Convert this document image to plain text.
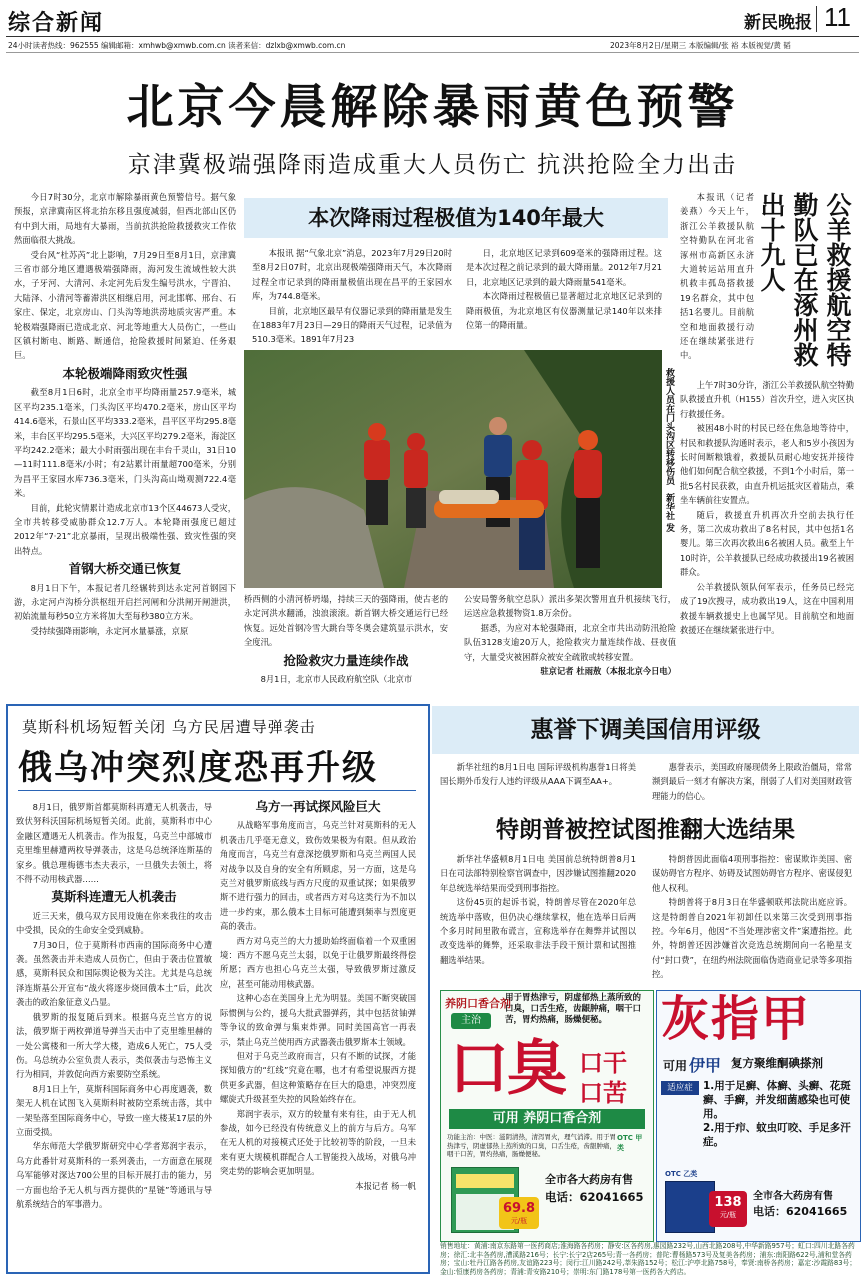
综合新闻	新民晚报 11
24小时读者热线：962555 编辑邮箱：xmhwb@xmwb.com.cn 读者来信：dzlxb@xmwb.com.cn	2023年8月2日/星期三 本版编辑/张 裕 本版视觉/黄 韬
北京今晨解除暴雨黄色预警
京津冀极端强降雨造成重大人员伤亡 抗洪抢险全力出击

今日7时30分，北京市解除暴雨黄色预警信号。据气象预报，京津冀南区将北抬东移且强度减弱，但西北部山区仍有中到大雨，局地有大暴雨，当前抗洪抢险救援救灾工作依然面临很大挑战。

受台风“杜苏芮”北上影响，7月29日至8月1日，京津冀三省市部分地区遭遇极端强降雨，海河发生流域性较大洪水，子牙河、大清河、永定河先后发生编号洪水，宁晋泊、大陆泽、小清河等蓄滞洪区相继启用，河北邯郸、邢台、石家庄、保定，北京房山、门头沟等地洪涝地质灾害严重。本轮极端强降雨已造成北京、河北等地重大人员伤亡，一些山区镇村断电、断路、断通信，抢险救援时间紧迫、任务艰巨。

本轮极端降雨致灾性强

截至8月1日6时，北京全市平均降雨量257.9毫米，城区平均235.1毫米，门头沟区平均470.2毫米，房山区平均414.6毫米，石景山区平均333.2毫米，昌平区平均295.8毫米，丰台区平均295.5毫米，大兴区平均279.2毫米，海淀区平均242.2毫米；最大小时雨强出现在丰台千灵山，31日10—11时111.8毫米/小时；有2站累计雨量超700毫米，分别为昌平王家园水库736.3毫米，门头沟高山坳观测722.4毫米。

目前，此轮灾情累计造成北京市13个区44673人受灾，全市共转移受威胁群众12.7万人。本轮降雨强度已超过2012年“7·21”北京暴雨，呈现出极端性强、致灾性强的突出特点。

首钢大桥交通已恢复

8月1日下午，本报记者几经辗转到达永定河首钢园下游，永定河卢沟桥分洪枢纽开启拦河闸和分洪闸开闸泄洪，初始流量每秒50立方米将加大至每秒380立方米。

受持续强降雨影响，永定河水量暴涨，京原

本次降雨过程极值为140年最大

本报讯 据“气象北京”消息，2023年7月29日20时至8月2日07时，北京出现极端强降雨天气，本次降雨过程全市记录到的降雨量极值出现在昌平的王家园水库，为744.8毫米。

目前，北京地区最早有仪器记录到的降雨量是发生在1883年7月23日—29日的降雨天气过程，记录值为510.3毫米。1891年7月23

日，北京地区记录到609毫米的强降雨过程。这是本次过程之前记录到的最大降雨量。2012年7月21日，北京地区记录到的最大降雨量541毫米。

本次降雨过程极值已显著超过北京地区记录到的降雨极值，为北京地区有仪器测量记录140年以来排位第一的降雨量。

救援人员在门头沟区转移伤员
新华社 发

桥西侧的小清河桥坍塌，持续三天的强降雨，使古老的永定河洪水翻涌，浊浪滚滚。新首钢大桥交通运行已经恢复。远处首钢冷雪大跳台等冬奥会建筑显示洪水，安全度汛。

抢险救灾力量连续作战

8月1日，北京市人民政府航空队（北京市

公安局警务航空总队）派出多架次警用直升机接续飞行，运送应急救援物资1.8万余份。

据悉，为应对本轮强降雨，北京全市共出动防汛抢险队伍3128支逾20万人，抢险救灾力量连续作战、昼夜值守，大量受灾被困群众被安全疏散或转移安置。

驻京记者 杜雨敖（本报北京今日电）
公羊救援航空特勤队已在涿州救出十九人

本报讯（记者 姜燕）今天上午，浙江公羊救援队航空特勤队在河北省涿州市高新区永济大道转运站用直升机救丰孤岛搭救援19名群众，其中包括1名婴儿。目前航空和地面救援行动还在继续紧张进行中。

上午7时30分许，浙江公羊救援队航空特勤队救援直升机（H155）首次升空，进入灾区执行救援任务。

被困48小时的村民已经在焦急地等待中，村民和救援队沟通时表示，老人和5岁小孩因为长时间断粮饿着，救援队员耐心地安抚并接待他们如何配合航空救援，不到1个小时后，第一批5名村民获救，由直升机运抵灾区着陆点，乘坐车辆前往安置点。

随后，救援直升机再次升空前去执行任务，第二次成功救出了8名村民，其中包括1名婴儿。第三次再次救出6名被困人员。截至上午10时许，公羊救援队已经成功救援出19名被困群众。

公羊救援队领队何军表示，任务员已经完成了19次搜寻，成功救出19人，这在中国利用救援车辆救援史上也属罕见。目前航空和地面救援还在继续紧张进行中。

莫斯科机场短暂关闭 乌方民居遭导弹袭击
俄乌冲突烈度恐再升级

8月1日，俄罗斯首都莫斯科再遭无人机袭击，导致伏努科沃国际机场短暂关闭。此前，莫斯科市中心金融区遭遇无人机袭击。作为报复，乌克兰中部城市克里维里赫遭两枚导弹袭击，这是乌总统泽连斯基的家乡。俄总理梅德韦杰夫表示，一旦俄失去领土，将不得不动用核武器……

莫斯科连遭无人机袭击

近三天来，俄乌双方民用设施在你来我往的攻击中受损，民众的生命安全受到威胁。

7月30日，位于莫斯科市西南的国际商务中心遭袭。虽然袭击并未造成人员伤亡，但由于袭击位置敏感，莫斯科民众和国际舆论极为关注。尤其是乌总统泽连斯基公开宣布“战火将逐步烧回俄本土”后，此次袭击的政治象征意义凸显。

俄罗斯的报复随后到来。根据乌克兰官方的说法，俄罗斯于两枚弹道导弹当天击中了克里维里赫的一处公寓楼和一所大学大楼，造成6人死亡，75人受伤。乌总统办公室负责人表示，类似袭击与恐怖主义行为相同，并敦促向西方索要防空系统。

8月1日上午，莫斯科国际商务中心再度遇袭，数架无人机在试图飞入莫斯科时被防空系统击落，其中一架坠落至国际商务中心，导致一座大楼某17层的外立面受损。

华东师范大学俄罗斯研究中心学者郑润宇表示，乌方此番针对莫斯科的一系列袭击，一方面意在展现乌军能够对深达700公里的目标开展打击的能力，另一方面也给予无人机与西方提供的“星链”等通讯与导航系统结合的军事潜力。

乌方一再试探风险巨大

从战略军事角度而言，乌克兰针对莫斯科的无人机袭击几乎毫无意义，致伤效果极为有限。但从政治角度而言，乌克兰有意深挖俄罗斯和乌克兰两国人民对战争以及自身的安全有所顾虑，另一方面，这是乌克兰对俄罗斯底线与西方尺度的双重试探；如果俄罗斯不进行强力的回击，或者西方对乌这类行为不加以进一步约束，那么俄本土目标可能遭到频率与烈度更高的袭击。

西方对乌克兰的大力援助始终面临着一个双重困境：西方不愿乌克兰太弱，以免于让俄罗斯最终得偿所愿；西方也担心乌克兰太强，导致俄罗斯过激反应，甚至可能动用核武器。

这种心态在美国身上尤为明显。美国不断突破国际惯例与公约，援乌大批武器弹药，其中包括贫铀弹等争议的致命弹与集束炸弹。同时美国高官一再表示，禁止乌克兰使用西方武器袭击俄罗斯本土领域。

但对于乌克兰政府而言，只有不断的试探，才能探知俄方的“红线”究竟在哪，也才有希望说服西方提供更多武器，但这种策略存在巨大的隐患，冲突烈度螺旋式升级甚至失控的风险始终存在。

郑润宇表示，双方的较量有来有往，由于无人机参战，如今已经没有传统意义上的前方与后方。乌军在无人机的对接模式还处于比较初等的阶段，一旦未来有更大规模机群配合人工智能投入战场，对俄乌冲突走势的影响会更加明显。

本报记者 杨一帆
惠誉下调美国信用评级

新华社纽约8月1日电 国际评级机构惠誉1日将美国长期外币发行人违约评级从AAA下调至AA+。

惠誉表示，美国政府屡现债务上限政治僵局，常常濒到最后一刻才有解决方案，削弱了人们对美国财政管理能力的信心。

特朗普被控试图推翻大选结果

新华社华盛顿8月1日电 美国前总统特朗普8月1日在司法部特别检察官调查中，因涉嫌试图推翻2020年总统选举结果而受到刑事指控。

这份45页的起诉书说，特朗普尽管在2020年总统选举中落败，但仍决心继续掌权，他在选举日后两个多月时间里散布谎言，宣称选举存在舞弊并试图以改变选举的舞弊，还采取非法手段干预计票和试图推翻选举结果。

特朗普因此面临4项刑事指控：密谋欺诈美国、密谋妨碍官方程序、妨碍及试图妨碍官方程序、密谋侵犯他人权利。

特朗普将于8月3日在华盛顿联邦法院出庭应诉。这是特朗普自2021年初卸任以来第三次受到刑事指控。今年6月，他因“不当处理涉密文件”案遭指控。此外，特朗普还因涉嫌首次竞选总统期间向一名艳星支付“封口费”，在纽约州法院面临伪造商业记录等多项指控。

养阴口香合剂
主治
用于胃热津亏，阴虚郁热上蒸所致的口臭，口舌生疮，齿龈肿痛，咽干口苦，胃灼热痛，肠燥便秘。
口臭 口干
口苦
可用 养阴口香合剂
功能主治：中医：滋阴清热，清泻胃火，理气消滞。用于胃热津亏，阴虚郁热上蒸所致的口臭，口舌生疮，齿龈肿痛，咽干口苦，胃灼热痛，肠燥便秘。
OTC 甲类
69.8
元/瓶
全市各大药房有售
电话：62041665
灰指甲
可用 伊甲 复方聚维酮碘搽剂
适应症 1.用于足癣、体癣、头癣、花斑癣、手癣，并发细菌感染也可使用。
2.用于疖、蚊虫叮咬、手足多汗症。
OTC 乙类
138
元/瓶
全市各大药房有售
电话：62041665
销售地址：黄浦:南京东路第一医药商店;淮海路各药房；静安:区各药房,惠园路232号,山西北路208号,中华新路957号；虹口:四川北路各药房；徐汇:北丰各药房,漕溪路216号；长宁:长宁2店265号;青一各药房；普陀:曹杨路573号及复美各药房；浦东:南阳路622号,浦和堂各药房；宝山:牡丹江路各药房,友谊路223号；闵行:江川路242号,莘朱路152号；松江:沪亭北路758号，奉贤:南桥各药房；嘉定:沙霞路83号；金山:恒康药房各药房；青浦:青安路210号；崇明:东门路178号第一医药各大药店。
